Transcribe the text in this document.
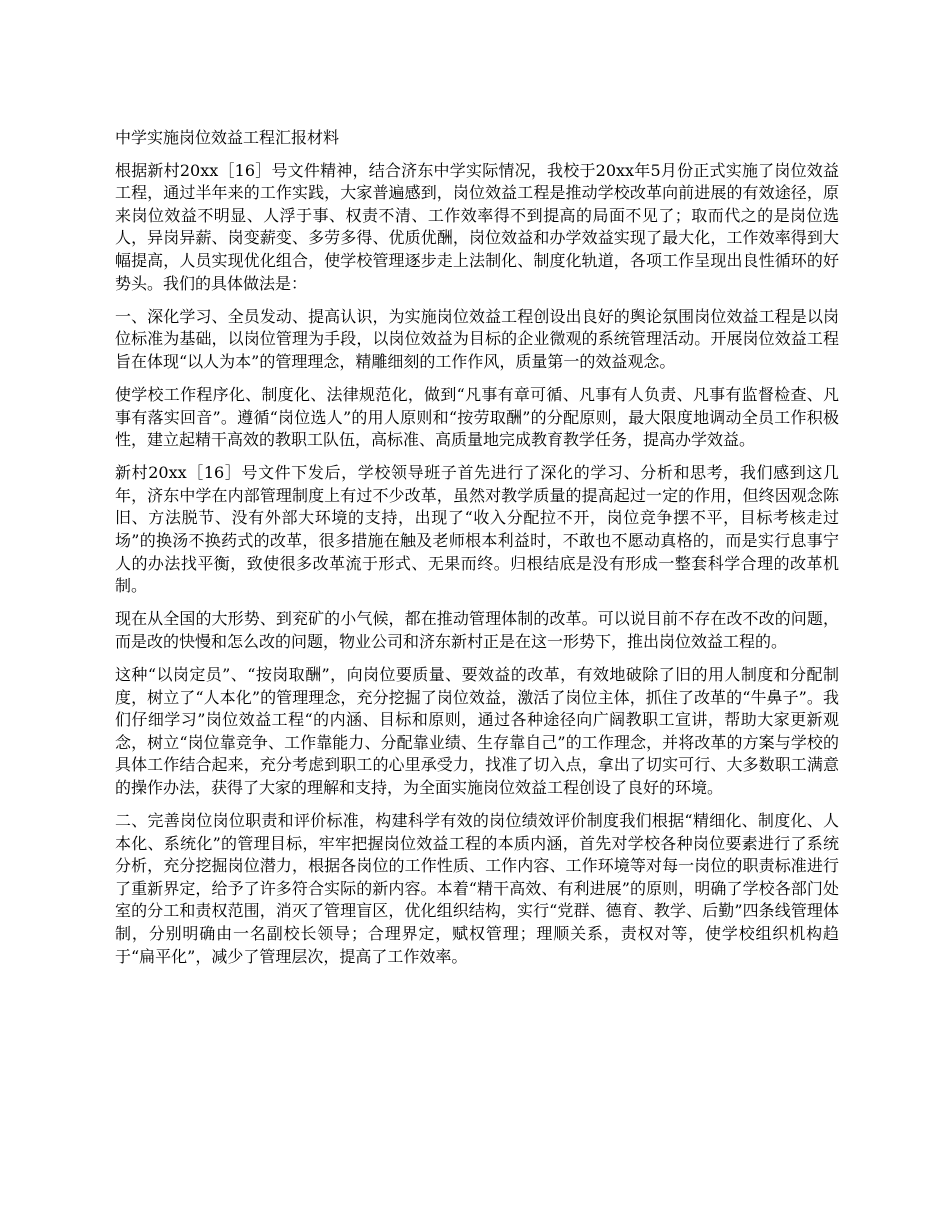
中学实施岗位效益工程汇报材料

根据新村20xx［16］号文件精神，结合济东中学实际情况，我校于20xx年5月份正式实施了岗位效益工程，通过半年来的工作实践，大家普遍感到，岗位效益工程是推动学校改革向前进展的有效途径，原来岗位效益不明显、人浮于事、权责不清、工作效率得不到提高的局面不见了；取而代之的是岗位选人，异岗异薪、岗变薪变、多劳多得、优质优酬，岗位效益和办学效益实现了最大化，工作效率得到大幅提高，人员实现优化组合，使学校管理逐步走上法制化、制度化轨道，各项工作呈现出良性循环的好势头。我们的具体做法是：

一、深化学习、全员发动、提高认识，为实施岗位效益工程创设出良好的舆论氛围岗位效益工程是以岗位标准为基础，以岗位管理为手段，以岗位效益为目标的企业微观的系统管理活动。开展岗位效益工程旨在体现“以人为本”的管理理念，精雕细刻的工作作风，质量第一的效益观念。

使学校工作程序化、制度化、法律规范化，做到“凡事有章可循、凡事有人负责、凡事有监督检查、凡事有落实回音”。遵循“岗位选人”的用人原则和“按劳取酬”的分配原则，最大限度地调动全员工作积极性，建立起精干高效的教职工队伍，高标准、高质量地完成教育教学任务，提高办学效益。

新村20xx［16］号文件下发后，学校领导班子首先进行了深化的学习、分析和思考，我们感到这几年，济东中学在内部管理制度上有过不少改革，虽然对教学质量的提高起过一定的作用，但终因观念陈旧、方法脱节、没有外部大环境的支持，出现了“收入分配拉不开，岗位竞争摆不平，目标考核走过场”的换汤不换药式的改革，很多措施在触及老师根本利益时，不敢也不愿动真格的，而是实行息事宁人的办法找平衡，致使很多改革流于形式、无果而终。归根结底是没有形成一整套科学合理的改革机制。

现在从全国的大形势、到兖矿的小气候，都在推动管理体制的改革。可以说目前不存在改不改的问题，而是改的快慢和怎么改的问题，物业公司和济东新村正是在这一形势下，推出岗位效益工程的。

这种“以岗定员”、“按岗取酬”，向岗位要质量、要效益的改革，有效地破除了旧的用人制度和分配制度，树立了“人本化”的管理理念，充分挖掘了岗位效益，激活了岗位主体，抓住了改革的“牛鼻子”。我们仔细学习”岗位效益工程“的内涵、目标和原则，通过各种途径向广阔教职工宣讲，帮助大家更新观念，树立“岗位靠竞争、工作靠能力、分配靠业绩、生存靠自己”的工作理念，并将改革的方案与学校的具体工作结合起来，充分考虑到职工的心里承受力，找准了切入点，拿出了切实可行、大多数职工满意的操作办法，获得了大家的理解和支持，为全面实施岗位效益工程创设了良好的环境。

二、完善岗位岗位职责和评价标准，构建科学有效的岗位绩效评价制度我们根据“精细化、制度化、人本化、系统化”的管理目标，牢牢把握岗位效益工程的本质内涵，首先对学校各种岗位要素进行了系统分析，充分挖掘岗位潜力，根据各岗位的工作性质、工作内容、工作环境等对每一岗位的职责标准进行了重新界定，给予了许多符合实际的新内容。本着“精干高效、有利进展”的原则，明确了学校各部门处室的分工和责权范围，消灭了管理盲区，优化组织结构，实行“党群、德育、教学、后勤”四条线管理体制，分别明确由一名副校长领导；合理界定，赋权管理；理顺关系，责权对等，使学校组织机构趋于“扁平化”，减少了管理层次，提高了工作效率。
